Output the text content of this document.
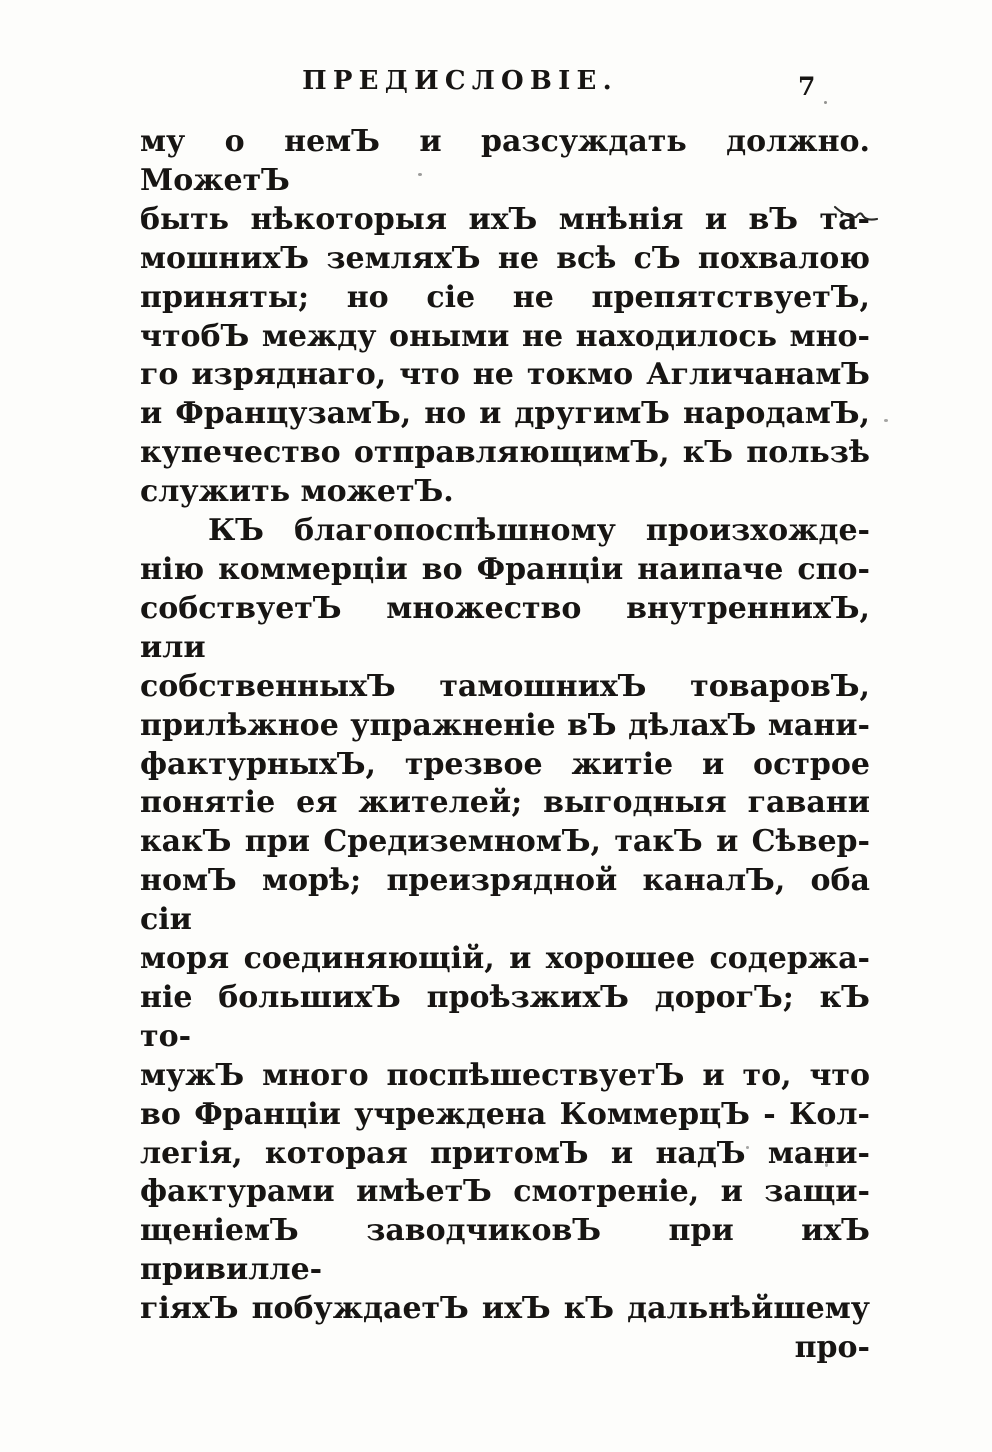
ПРЕДИСЛОВІЕ.	7
му о немЪ и разсуждать должно. МожетЪ
быть нѣкоторыя ихЪ мнѣнія и вЪ та-
мошнихЪ земляхЪ не всѣ сЪ похвалою
приняты; но сіе не препятствуетЪ,
чтобЪ между оными не находилось мно-
го изряднаго, что не токмо АгличанамЪ
и ФранцузамЪ, но и другимЪ народамЪ,
купечество отправляющимЪ, кЪ пользѣ
служить можетЪ.
КЪ благопоспѣшному произхожде-
нію коммерціи во Франціи наипаче спо-
собствуетЪ множество внутреннихЪ, или
собственныхЪ тамошнихЪ товаровЪ,
прилѣжное упражненіе вЪ дѣлахЪ мани-
фактурныхЪ, трезвое житіе и острое
понятіе ея жителей; выгодныя гавани
какЪ при СредиземномЪ, такЪ и Сѣвер-
номЪ морѣ; преизрядной каналЪ, оба сіи
моря соединяющій, и хорошее содержа-
ніе большихЪ проѣзжихЪ дорогЪ; кЪ то-
мужЪ много поспѣшествуетЪ и то, что
во Франціи учреждена КоммерцЪ - Кол-
легія, которая притомЪ и надЪ мани-
фактурами имѣетЪ смотреніе, и защи-
щеніемЪ заводчиковЪ при ихЪ привилле-
гіяхЪ побуждаетЪ ихЪ кЪ дальнѣйшему
про-
